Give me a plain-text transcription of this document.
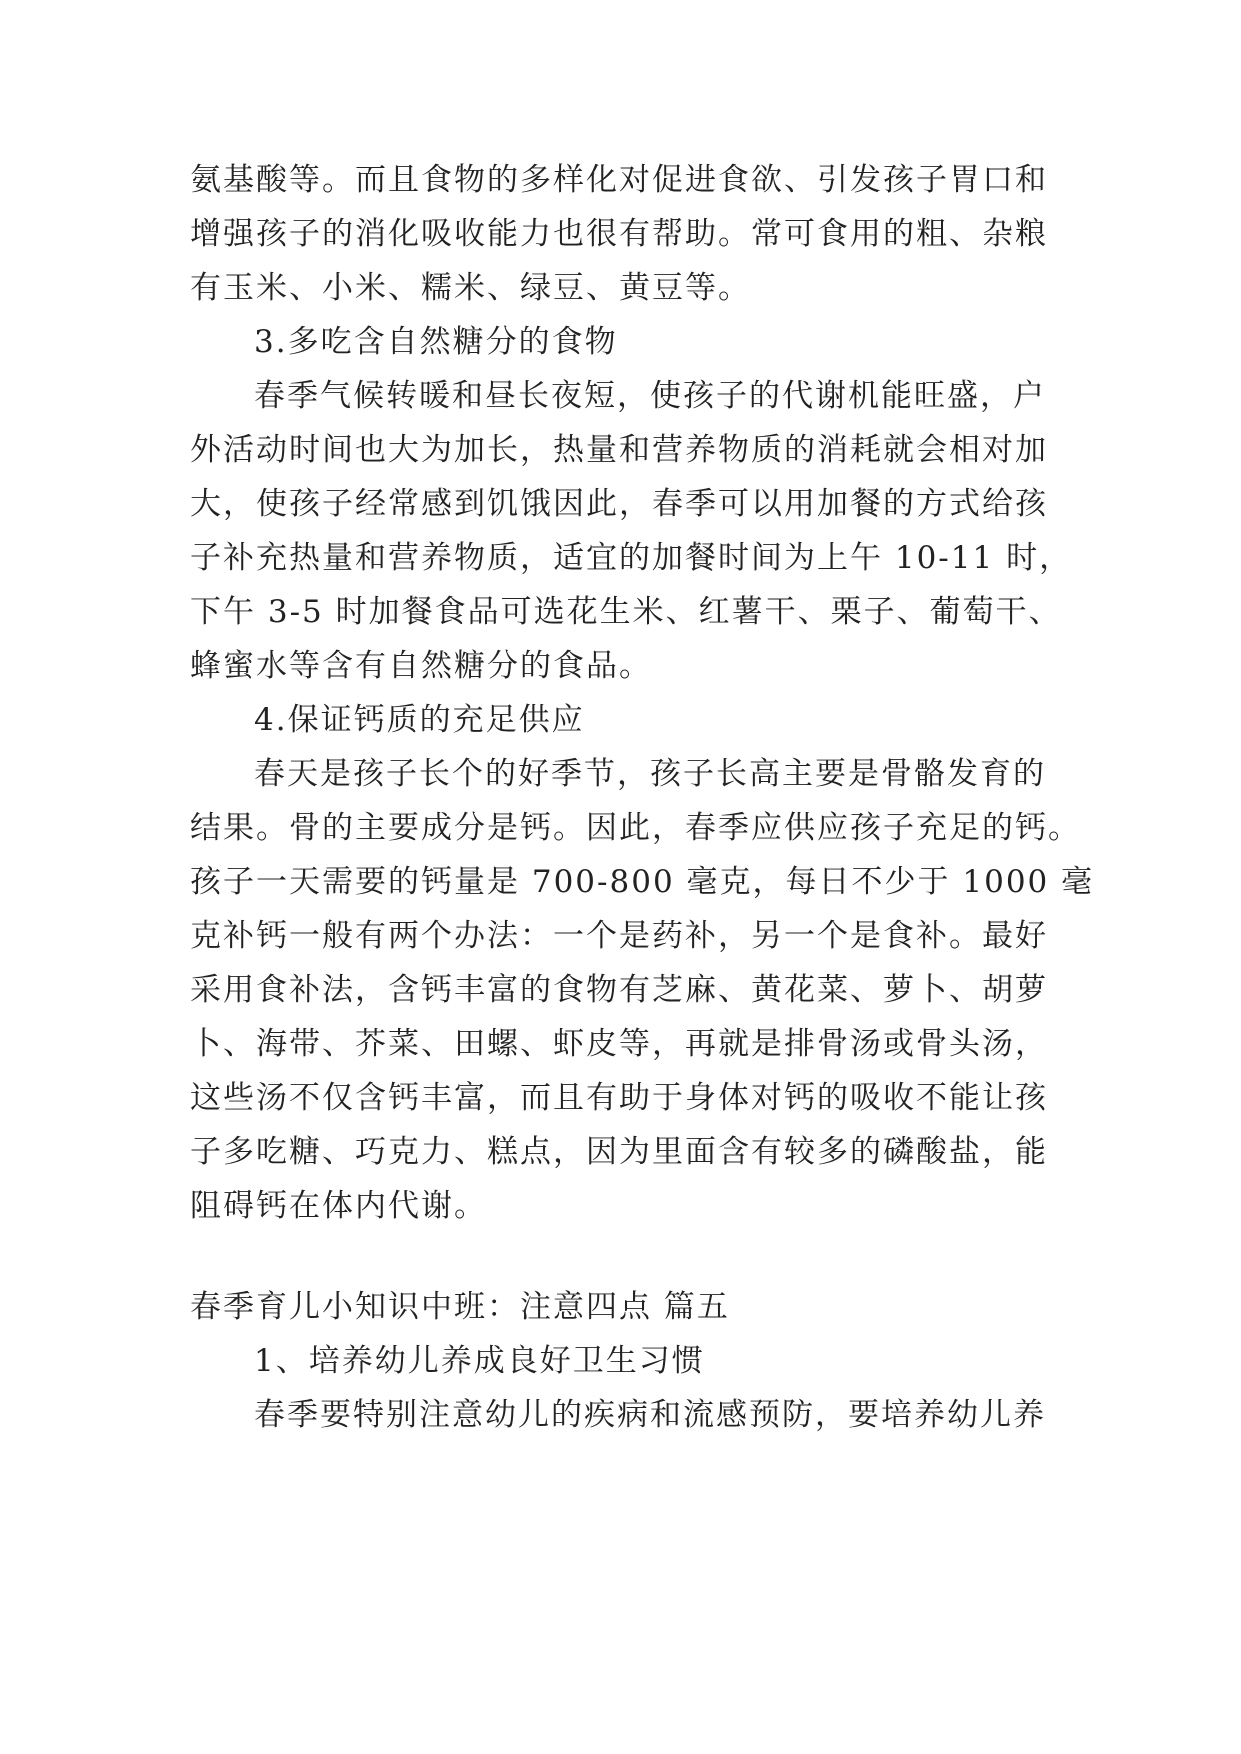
氨基酸等。而且食物的多样化对促进食欲、引发孩子胃口和
增强孩子的消化吸收能力也很有帮助。常可食用的粗、杂粮
有玉米、小米、糯米、绿豆、黄豆等。
3.多吃含自然糖分的食物
春季气候转暖和昼长夜短，使孩子的代谢机能旺盛，户
外活动时间也大为加长，热量和营养物质的消耗就会相对加
大，使孩子经常感到饥饿因此，春季可以用加餐的方式给孩
子补充热量和营养物质，适宜的加餐时间为上午 10-11 时，
下午 3-5 时加餐食品可选花生米、红薯干、栗子、葡萄干、
蜂蜜水等含有自然糖分的食品。
4.保证钙质的充足供应
春天是孩子长个的好季节，孩子长高主要是骨骼发育的
结果。骨的主要成分是钙。因此，春季应供应孩子充足的钙。
孩子一天需要的钙量是 700-800 毫克，每日不少于 1000 毫
克补钙一般有两个办法：一个是药补，另一个是食补。最好
采用食补法，含钙丰富的食物有芝麻、黄花菜、萝卜、胡萝
卜、海带、芥菜、田螺、虾皮等，再就是排骨汤或骨头汤，
这些汤不仅含钙丰富，而且有助于身体对钙的吸收不能让孩
子多吃糖、巧克力、糕点，因为里面含有较多的磷酸盐，能
阻碍钙在体内代谢。
春季育儿小知识中班：注意四点 篇五
1、培养幼儿养成良好卫生习惯
春季要特别注意幼儿的疾病和流感预防，要培养幼儿养
